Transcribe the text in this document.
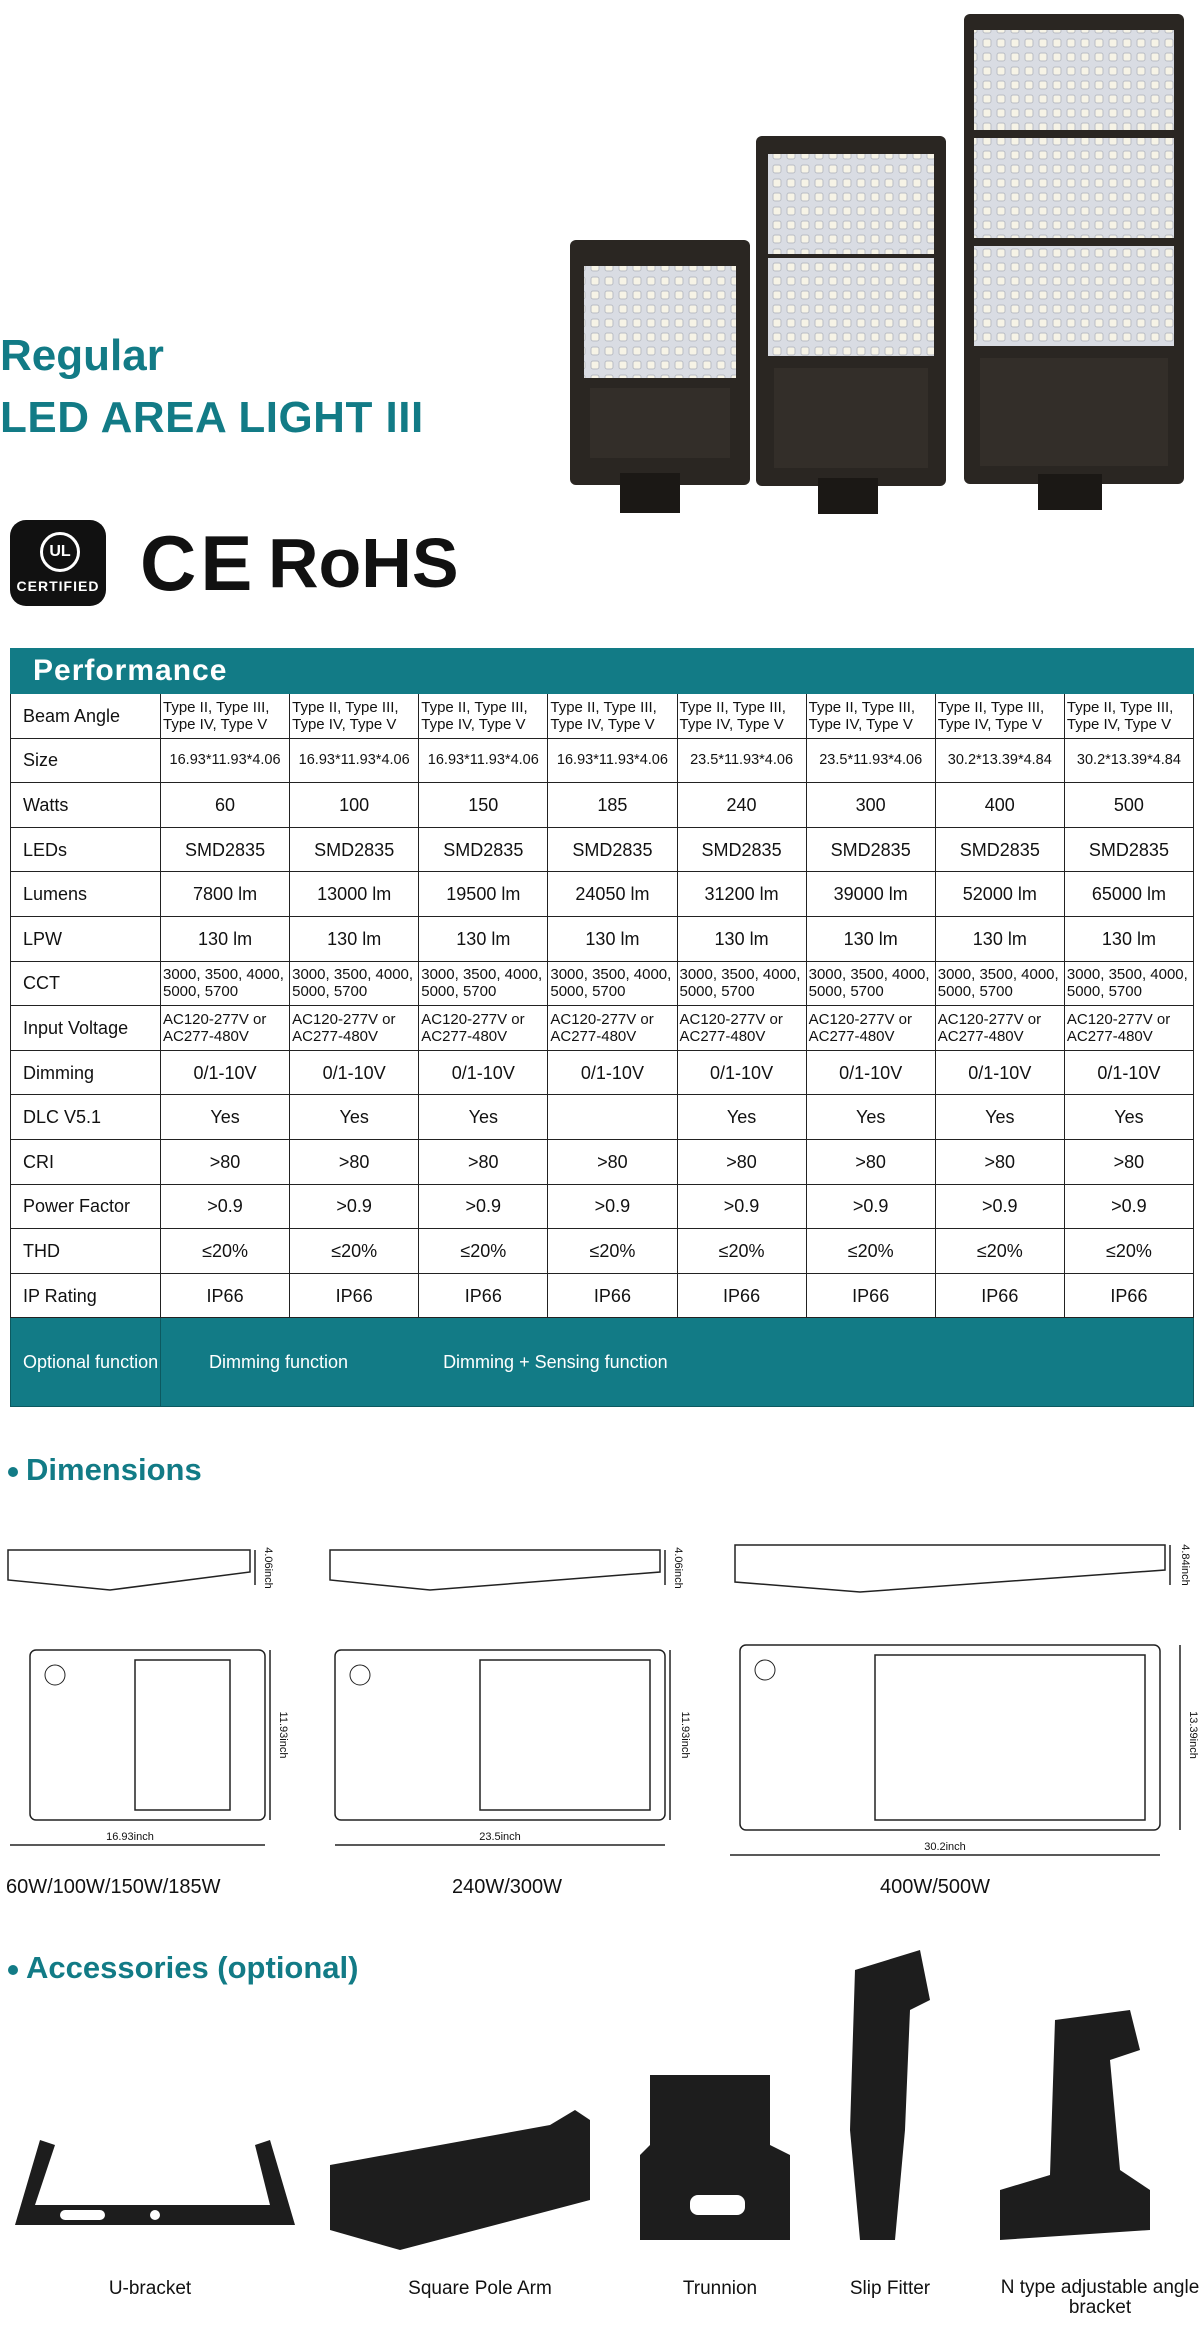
Regular
LED AREA LIGHT III
UL
CERTIFIED CE RoHS
Performance								
Beam Angle	Type II, Type III, Type IV, Type V	Type II, Type III, Type IV, Type V	Type II, Type III, Type IV, Type V	Type II, Type III, Type IV, Type V	Type II, Type III, Type IV, Type V	Type II, Type III, Type IV, Type V	Type II, Type III, Type IV, Type V	Type II, Type III, Type IV, Type V
Size	16.93*11.93*4.06	16.93*11.93*4.06	16.93*11.93*4.06	16.93*11.93*4.06	23.5*11.93*4.06	23.5*11.93*4.06	30.2*13.39*4.84	30.2*13.39*4.84
Watts	60	100	150	185	240	300	400	500
LEDs	SMD2835	SMD2835	SMD2835	SMD2835	SMD2835	SMD2835	SMD2835	SMD2835
Lumens	7800 lm	13000 lm	19500 lm	24050 lm	31200 lm	39000 lm	52000 lm	65000 lm
LPW	130 lm	130 lm	130 lm	130 lm	130 lm	130 lm	130 lm	130 lm
CCT	3000, 3500, 4000, 5000, 5700	3000, 3500, 4000, 5000, 5700	3000, 3500, 4000, 5000, 5700	3000, 3500, 4000, 5000, 5700	3000, 3500, 4000, 5000, 5700	3000, 3500, 4000, 5000, 5700	3000, 3500, 4000, 5000, 5700	3000, 3500, 4000, 5000, 5700
Input Voltage	AC120-277V or AC277-480V	AC120-277V or AC277-480V	AC120-277V or AC277-480V	AC120-277V or AC277-480V	AC120-277V or AC277-480V	AC120-277V or AC277-480V	AC120-277V or AC277-480V	AC120-277V or AC277-480V
Dimming	0/1-10V	0/1-10V	0/1-10V	0/1-10V	0/1-10V	0/1-10V	0/1-10V	0/1-10V
DLC V5.1	Yes	Yes	Yes		Yes	Yes	Yes	Yes
CRI	>80	>80	>80	>80	>80	>80	>80	>80
Power Factor	>0.9	>0.9	>0.9	>0.9	>0.9	>0.9	>0.9	>0.9
THD	≤20%	≤20%	≤20%	≤20%	≤20%	≤20%	≤20%	≤20%
IP Rating	IP66	IP66	IP66	IP66	IP66	IP66	IP66	IP66
Optional function	Dimming function Dimming + Sensing function							
Dimensions
16.93inch	23.5inch
30.2inch
11.93inch	11.93inch	13.39inch
4.06inch	4.06inch	4.84inch
60W/100W/150W/185W	240W/300W	400W/500W
Accessories (optional)
U-bracket	Square Pole Arm	Trunnion	Slip Fitter	N type adjustable angle bracket
